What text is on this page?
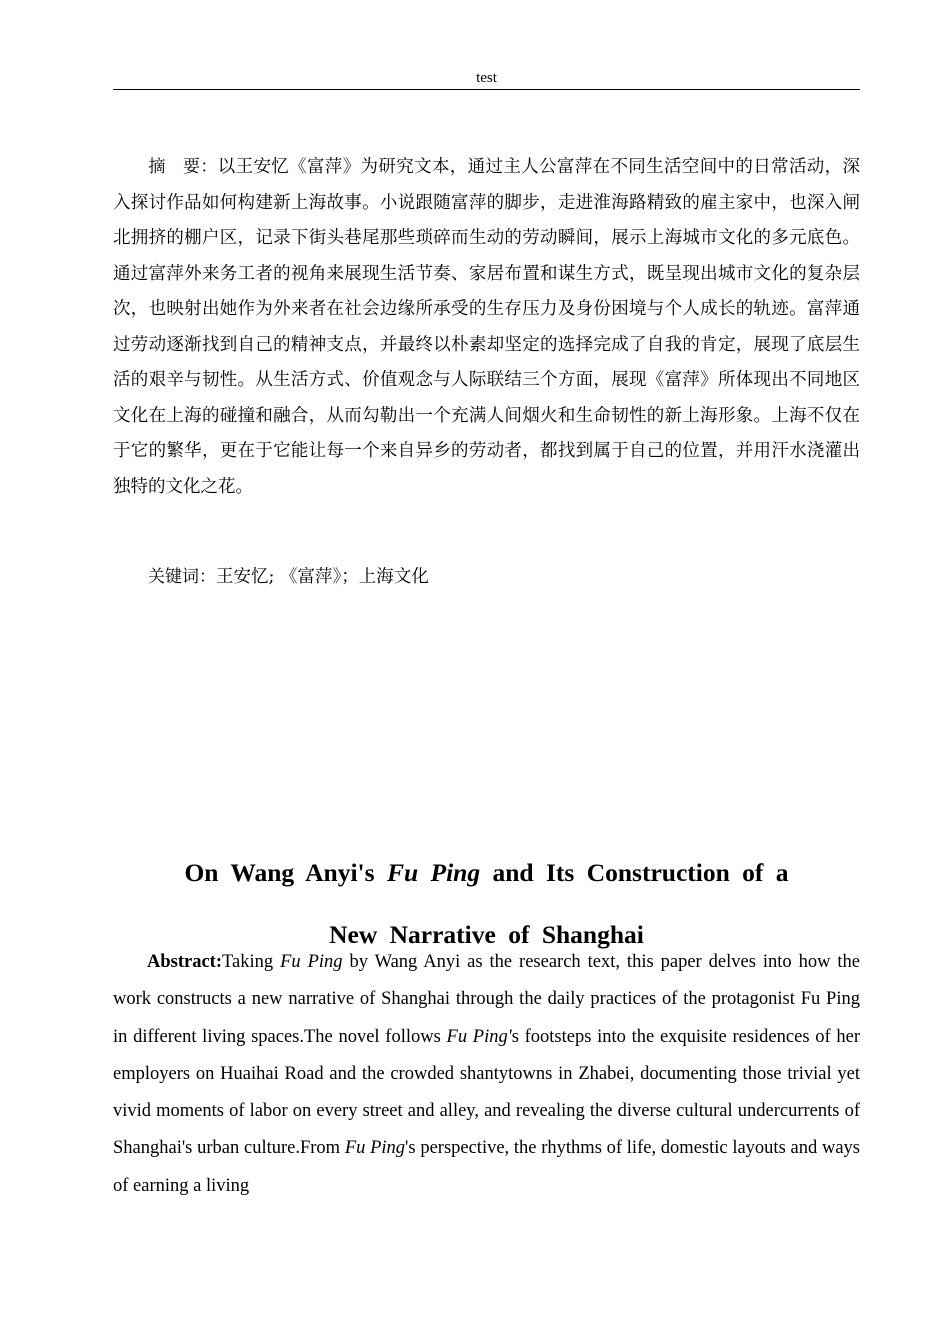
test
摘　要：以王安忆《富萍》为研究文本，通过主人公富萍在不同生活空间中的日常活动，深入探讨作品如何构建新上海故事。小说跟随富萍的脚步，走进淮海路精致的雇主家中，也深入闸北拥挤的棚户区，记录下街头巷尾那些琐碎而生动的劳动瞬间，展示上海城市文化的多元底色。通过富萍外来务工者的视角来展现生活节奏、家居布置和谋生方式，既呈现出城市文化的复杂层次，也映射出她作为外来者在社会边缘所承受的生存压力及身份困境与个人成长的轨迹。富萍通过劳动逐渐找到自己的精神支点，并最终以朴素却坚定的选择完成了自我的肯定，展现了底层生活的艰辛与韧性。从生活方式、价值观念与人际联结三个方面，展现《富萍》所体现出不同地区文化在上海的碰撞和融合，从而勾勒出一个充满人间烟火和生命韧性的新上海形象。上海不仅在于它的繁华，更在于它能让每一个来自异乡的劳动者，都找到属于自己的位置，并用汗水浇灌出独特的文化之花。
关键词：王安忆; 《富萍》；上海文化
On Wang Anyi's Fu Ping and Its Construction of a
New Narrative of Shanghai
Abstract:Taking Fu Ping by Wang Anyi as the research text, this paper delves into how the work constructs a new narrative of Shanghai through the daily practices of the protagonist Fu Ping in different living spaces.The novel follows Fu Ping's footsteps into the exquisite residences of her employers on Huaihai Road and the crowded shantytowns in Zhabei, documenting those trivial yet vivid moments of labor on every street and alley, and revealing the diverse cultural undercurrents of Shanghai's urban culture.From Fu Ping's perspective, the rhythms of life, domestic layouts and ways of earning a living
